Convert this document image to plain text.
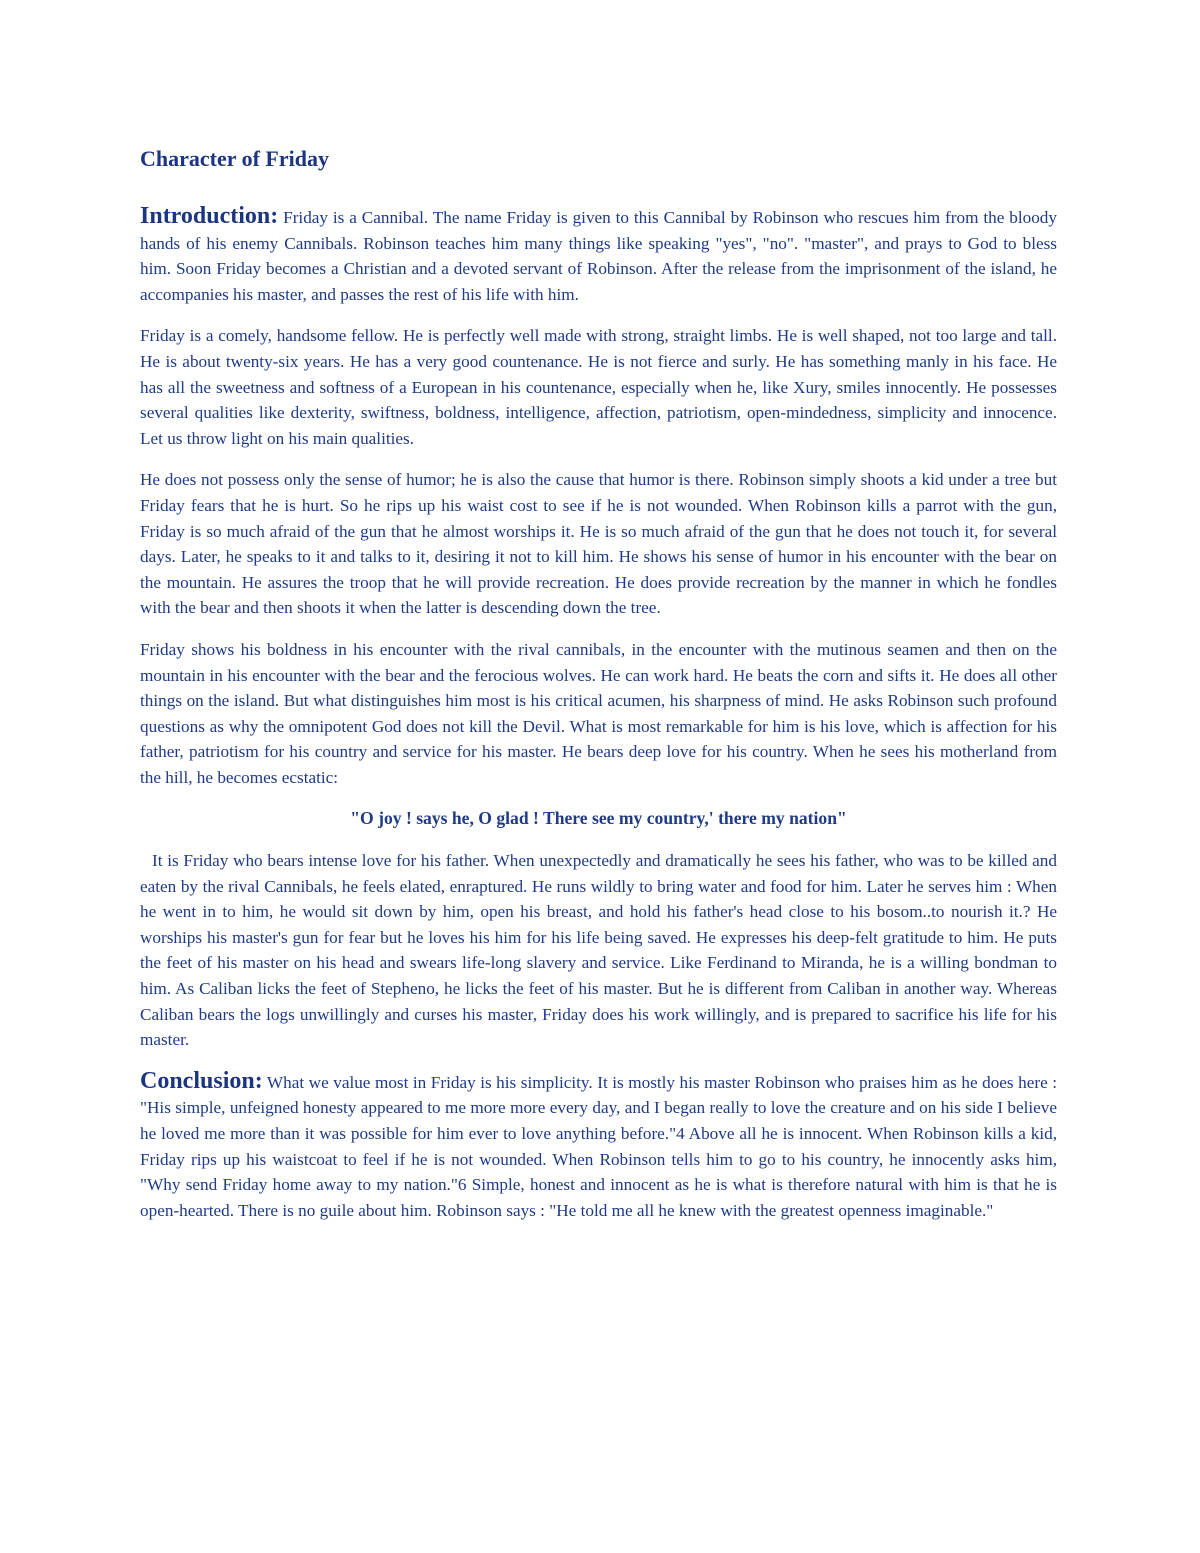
Character of Friday

Introduction: Friday is a Cannibal. The name Friday is given to this Cannibal by Robinson who rescues him from the bloody hands of his enemy Cannibals. Robinson teaches him many things like speaking "yes", "no". "master", and prays to God to bless him. Soon Friday becomes a Christian and a devoted servant of Robinson. After the release from the imprisonment of the island, he accompanies his master, and passes the rest of his life with him.

Friday is a comely, handsome fellow. He is perfectly well made with strong, straight limbs. He is well shaped, not too large and tall. He is about twenty-six years. He has a very good countenance. He is not fierce and surly. He has something manly in his face. He has all the sweetness and softness of a European in his countenance, especially when he, like Xury, smiles innocently. He possesses several qualities like dexterity, swiftness, boldness, intelligence, affection, patriotism, open-mindedness, simplicity and innocence. Let us throw light on his main qualities.

He does not possess only the sense of humor; he is also the cause that humor is there. Robinson simply shoots a kid under a tree but Friday fears that he is hurt. So he rips up his waist cost to see if he is not wounded. When Robinson kills a parrot with the gun, Friday is so much afraid of the gun that he almost worships it. He is so much afraid of the gun that he does not touch it, for several days. Later, he speaks to it and talks to it, desiring it not to kill him. He shows his sense of humor in his encounter with the bear on the mountain. He assures the troop that he will provide recreation. He does provide recreation by the manner in which he fondles with the bear and then shoots it when the latter is descending down the tree.

Friday shows his boldness in his encounter with the rival cannibals, in the encounter with the mutinous seamen and then on the mountain in his encounter with the bear and the ferocious wolves. He can work hard. He beats the corn and sifts it. He does all other things on the island. But what distinguishes him most is his critical acumen, his sharpness of mind. He asks Robinson such profound questions as why the omnipotent God does not kill the Devil. What is most remarkable for him is his love, which is affection for his father, patriotism for his country and service for his master. He bears deep love for his country. When he sees his motherland from the hill, he becomes ecstatic:

"O joy ! says he, O glad ! There see my country,' there my nation"

It is Friday who bears intense love for his father. When unexpectedly and dramatically he sees his father, who was to be killed and eaten by the rival Cannibals, he feels elated, enraptured. He runs wildly to bring water and food for him. Later he serves him : When he went in to him, he would sit down by him, open his breast, and hold his father's head close to his bosom..to nourish it.? He worships his master's gun for fear but he loves his him for his life being saved. He expresses his deep-felt gratitude to him. He puts the feet of his master on his head and swears life-long slavery and service. Like Ferdinand to Miranda, he is a willing bondman to him. As Caliban licks the feet of Stepheno, he licks the feet of his master. But he is different from Caliban in another way. Whereas Caliban bears the logs unwillingly and curses his master, Friday does his work willingly, and is prepared to sacrifice his life for his master.

Conclusion: What we value most in Friday is his simplicity. It is mostly his master Robinson who praises him as he does here : "His simple, unfeigned honesty appeared to me more more every day, and I began really to love the creature and on his side I believe he loved me more than it was possible for him ever to love anything before."4 Above all he is innocent. When Robinson kills a kid, Friday rips up his waistcoat to feel if he is not wounded. When Robinson tells him to go to his country, he innocently asks him, "Why send Friday home away to my nation."6 Simple, honest and innocent as he is what is therefore natural with him is that he is open-hearted. There is no guile about him. Robinson says : "He told me all he knew with the greatest openness imaginable."
